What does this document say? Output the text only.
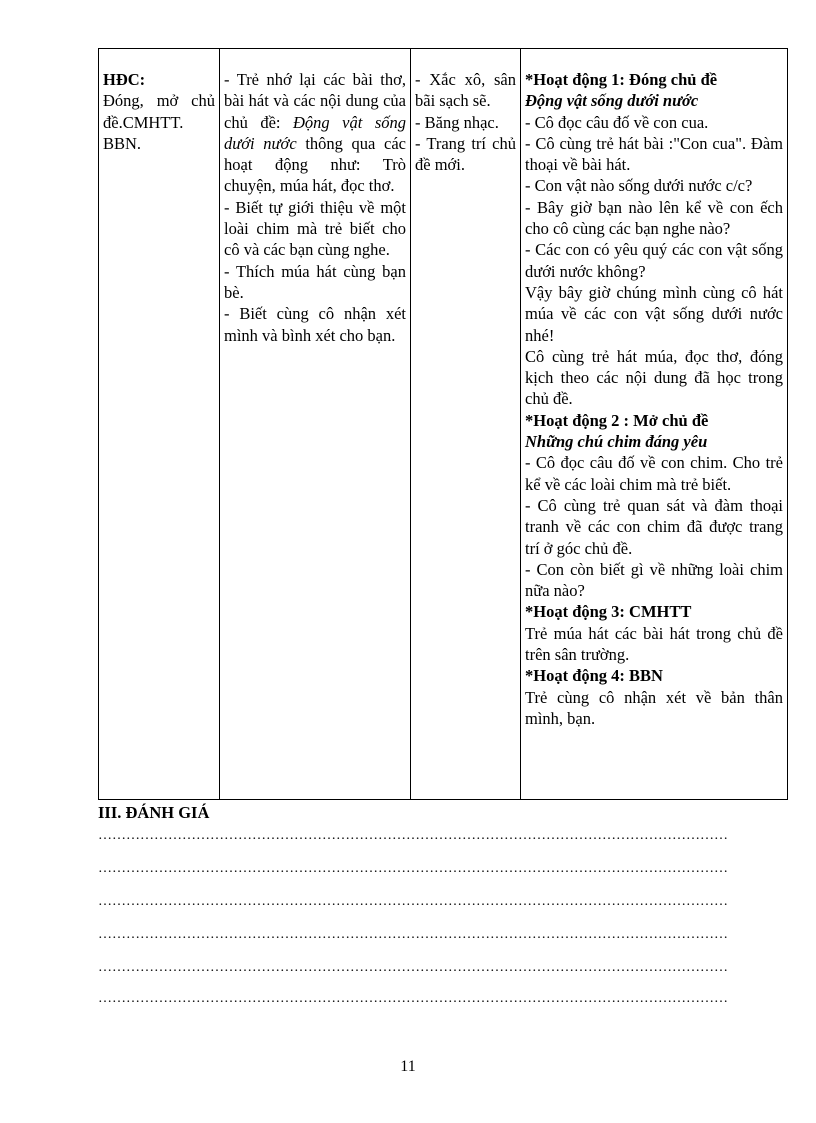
HĐC:
Đóng, mở chủ đề.CMHTT. BBN.

- Trẻ nhớ lại các bài thơ, bài hát và các nội dung của chủ đề: Động vật sống dưới nước thông qua các hoạt động như: Trò chuyện, múa hát, đọc thơ.
- Biết tự giới thiệu về một loài chim mà trẻ biết cho cô và các bạn cùng nghe.
- Thích múa hát cùng bạn bè.
- Biết cùng cô nhận xét mình và bình xét cho bạn.

- Xắc xô, sân bãi sạch sẽ.
- Băng nhạc.
- Trang trí chủ đề mới.

*Hoạt động 1: Đóng chủ đề
Động vật sống dưới nước
- Cô đọc câu đố về con cua.
- Cô cùng trẻ hát bài :"Con cua". Đàm thoại về bài hát.
- Con vật nào sống dưới nước c/c?
- Bây giờ bạn nào lên kể về con ếch cho cô cùng các bạn nghe nào?
- Các con có yêu quý các con vật sống dưới nước không?
Vậy bây giờ chúng mình cùng cô hát múa về các con vật sống dưới nước nhé!
Cô cùng trẻ hát múa, đọc thơ, đóng kịch theo các nội dung đã học trong chủ đề.
*Hoạt động 2 : Mở chủ đề
Những chú chim đáng yêu
- Cô đọc câu đố về con chim. Cho trẻ kể về các loài chim mà trẻ biết.
- Cô cùng trẻ quan sát và đàm thoại tranh về các con chim đã được trang trí ở góc chủ đề.
- Con còn biết gì về những loài chim nữa nào?
*Hoạt động 3: CMHTT
Trẻ múa hát các bài hát trong chủ đề trên sân trường.
*Hoạt động 4: BBN
Trẻ cùng cô nhận xét về bản thân mình, bạn.
III. ĐÁNH GIÁ
………………………………………………………………………………………………………………………
………………………………………………………………………………………………………………………
………………………………………………………………………………………………………………………
………………………………………………………………………………………………………………………
………………………………………………………………………………………………………………………
………………………………………………………………………………………………………………………
11
